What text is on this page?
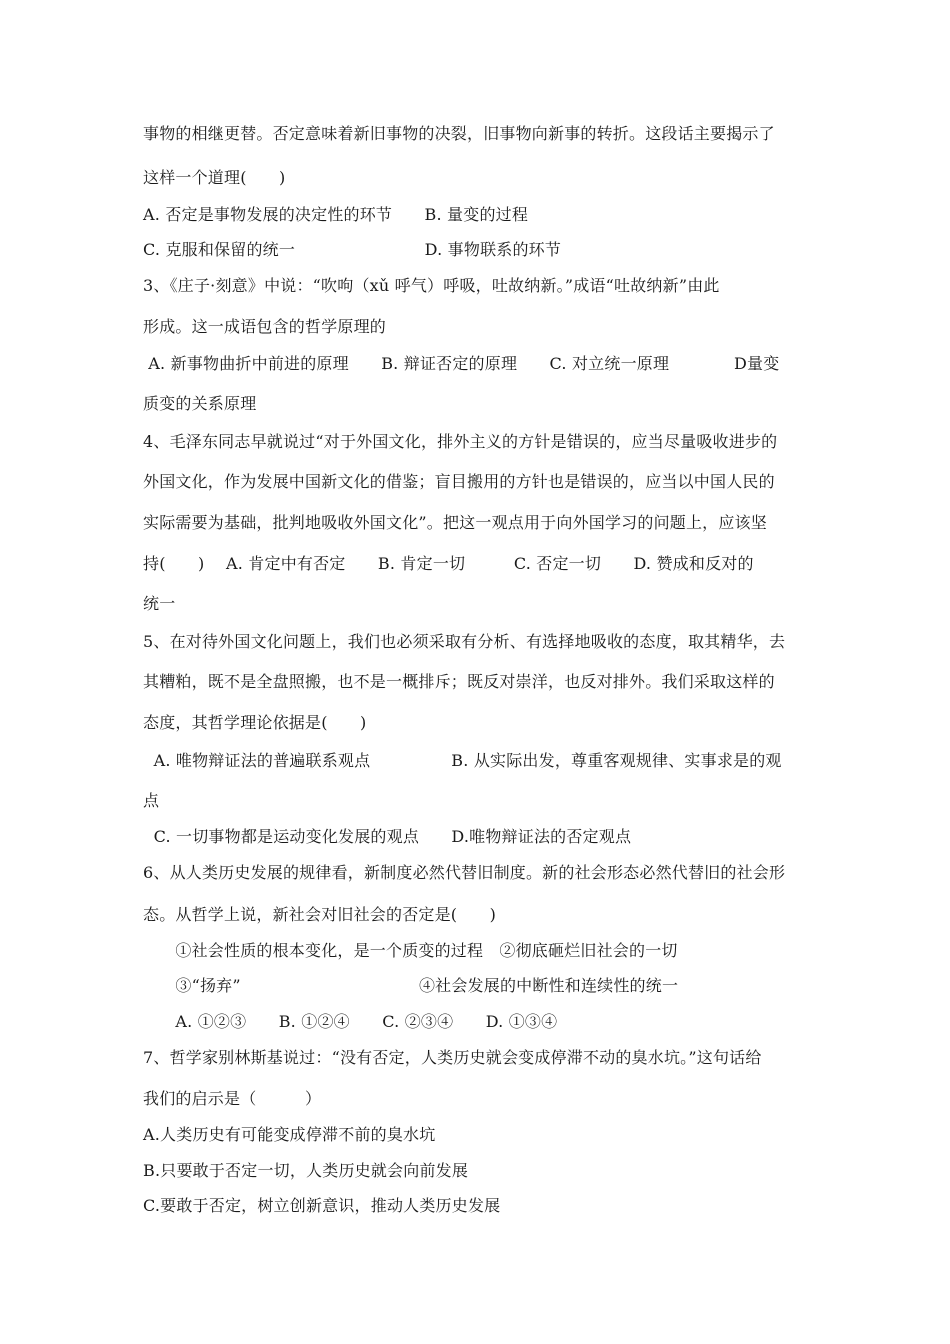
事物的相继更替。否定意味着新旧事物的决裂，旧事物向新事的转折。这段话主要揭示了
这样一个道理(　　)
A. 否定是事物发展的决定性的环节　　B. 量变的过程
C. 克服和保留的统一　　　　　　　　D. 事物联系的环节
3、《庄子·刻意》中说：“吹呴（xǔ 呼气）呼吸，吐故纳新。”成语“吐故纳新”由此
形成。这一成语包含的哲学原理的
A. 新事物曲折中前进的原理　　B. 辩证否定的原理　　C. 对立统一原理　　　　D量变
质变的关系原理
4、毛泽东同志早就说过“对于外国文化，排外主义的方针是错误的，应当尽量吸收进步的
外国文化，作为发展中国新文化的借鉴；盲目搬用的方针也是错误的，应当以中国人民的
实际需要为基础，批判地吸收外国文化”。把这一观点用于向外国学习的问题上，应该坚
持(　　)　 A. 肯定中有否定　　B. 肯定一切　　　C. 否定一切　　D. 赞成和反对的
统一
5、在对待外国文化问题上，我们也必须采取有分析、有选择地吸收的态度，取其精华，去
其糟粕，既不是全盘照搬，也不是一概排斥；既反对崇洋，也反对排外。我们采取这样的
态度，其哲学理论依据是(　　)
A. 唯物辩证法的普遍联系观点　　　　　B. 从实际出发，尊重客观规律、实事求是的观
点
C. 一切事物都是运动变化发展的观点　　D.唯物辩证法的否定观点
6、从人类历史发展的规律看，新制度必然代替旧制度。新的社会形态必然代替旧的社会形
态。从哲学上说，新社会对旧社会的否定是(　　)
　　①社会性质的根本变化，是一个质变的过程　②彻底砸烂旧社会的一切
　　③“扬弃”　　　　　　　　　　　④社会发展的中断性和连续性的统一
　　A. ①②③　　B. ①②④　　C. ②③④　　D. ①③④
7、哲学家别林斯基说过：“没有否定，人类历史就会变成停滞不动的臭水坑。”这句话给
我们的启示是（　　　）
A.人类历史有可能变成停滞不前的臭水坑
B.只要敢于否定一切，人类历史就会向前发展
C.要敢于否定，树立创新意识，推动人类历史发展
